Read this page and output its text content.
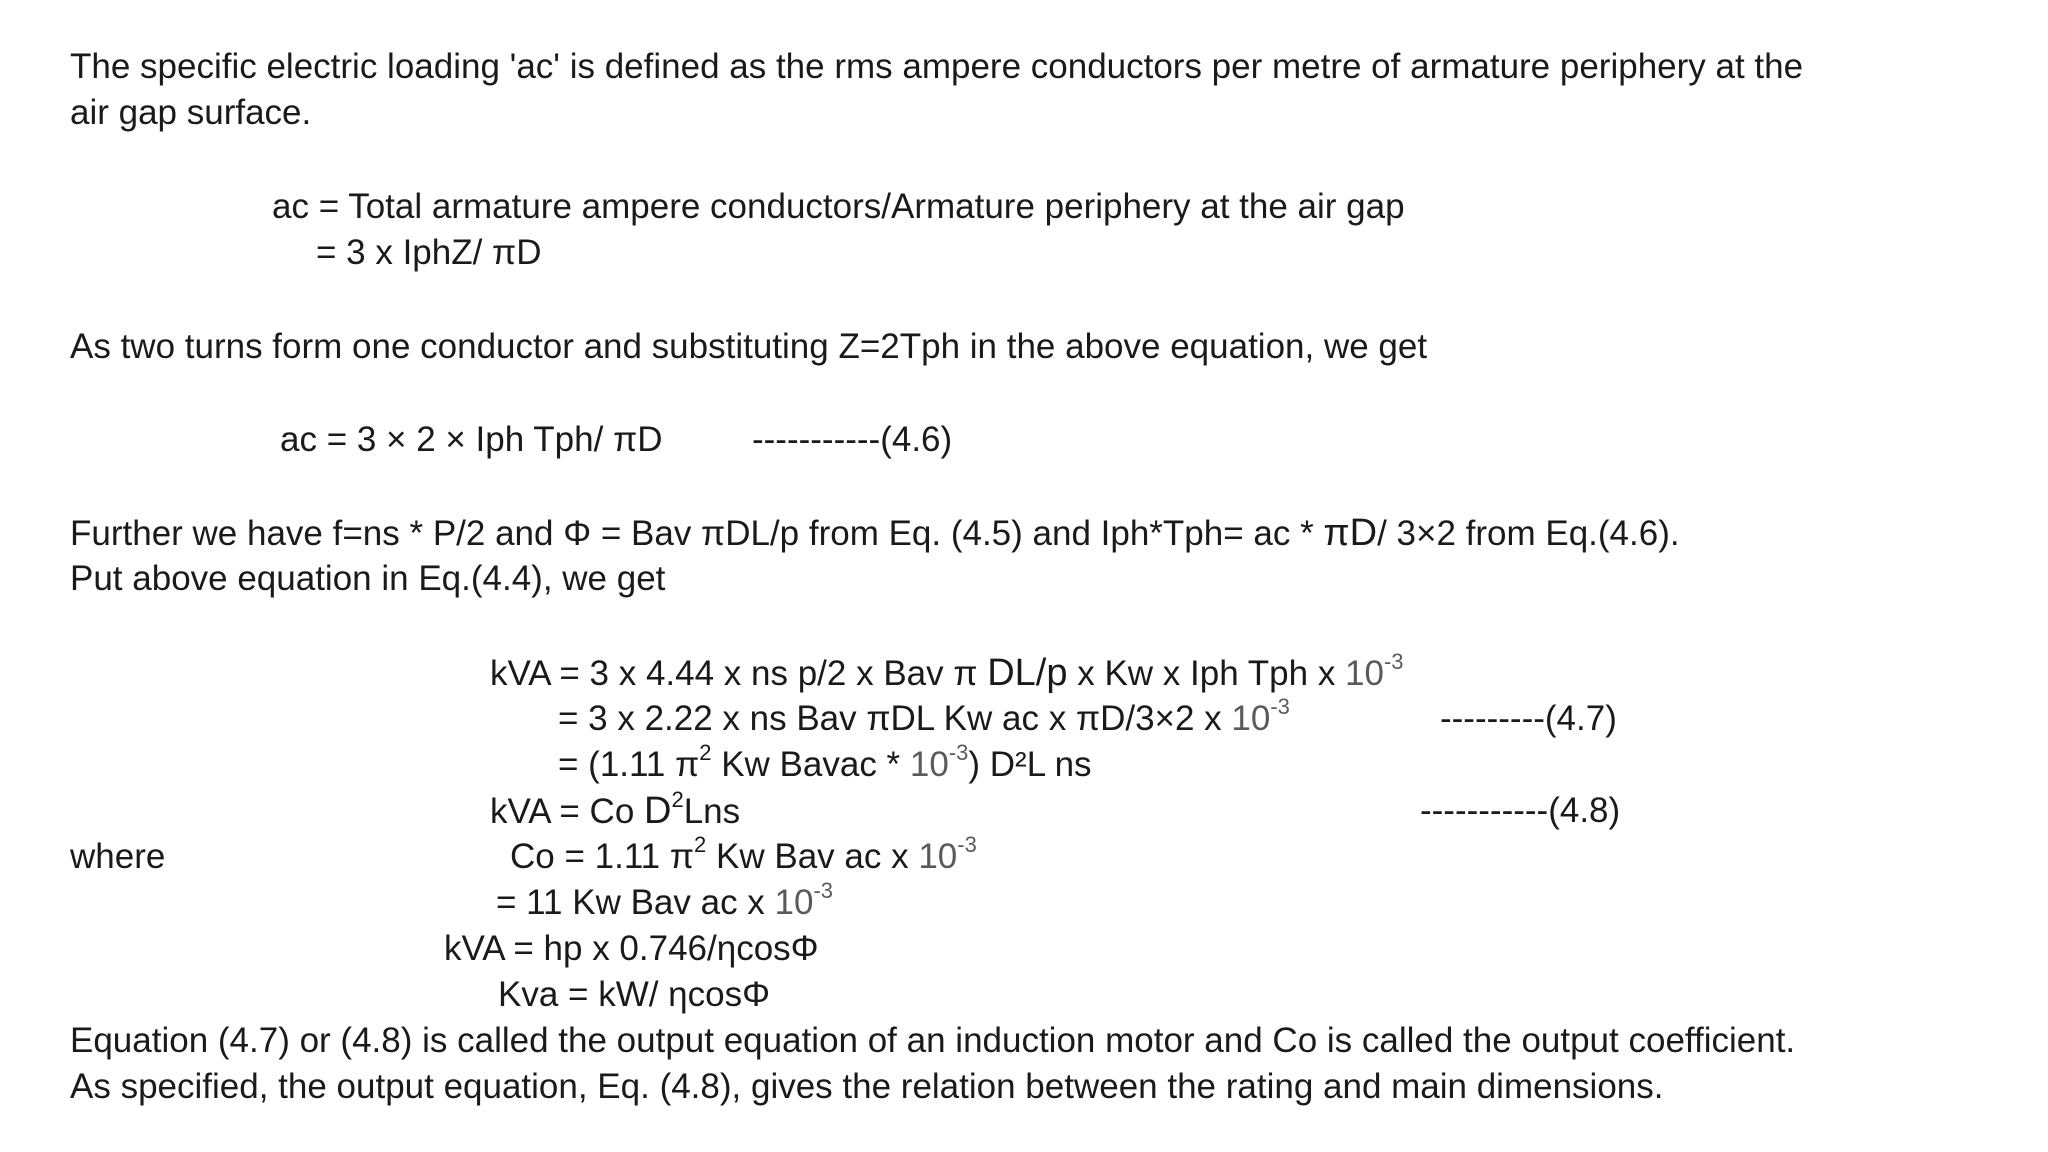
The specific electric loading 'ac' is defined as the rms ampere conductors per metre of armature periphery at the
air gap surface.
ac = Total armature ampere conductors/Armature periphery at the air gap
= 3 x IphZ/ πD
As two turns form one conductor and substituting Z=2Tph in the above equation, we get
ac = 3 × 2 × Iph Tph/ πD	-----------(4.6)
Further we have f=ns * P/2 and Φ = Bav πDL/p from Eq. (4.5) and Iph*Tph= ac * πD/ 3×2 from Eq.(4.6).
Put above equation in Eq.(4.4), we get
kVA = 3 x 4.44 x ns p/2 x Bav π DL/p x Kw x Iph Tph x $10^{-3}$
= 3 x 2.22 x ns Bav πDL Kw ac x πD/3×2 x $10^{-3}$	---------(4.7)
= (1.11 $\pi^2$ Kw Bavac * $10^{-3}$) D²L ns
kVA = Co $D^2Lns$	-----------(4.8)
where	Co = 1.11 $\pi^2$ Kw Bav ac x $10^{-3}$
= 11 Kw Bav ac x $10^{-3}$
kVA = hp x 0.746/ηcosΦ
Kva = kW/ ηcosΦ
Equation (4.7) or (4.8) is called the output equation of an induction motor and Co is called the output coefficient.
As specified, the output equation, Eq. (4.8), gives the relation between the rating and main dimensions.
